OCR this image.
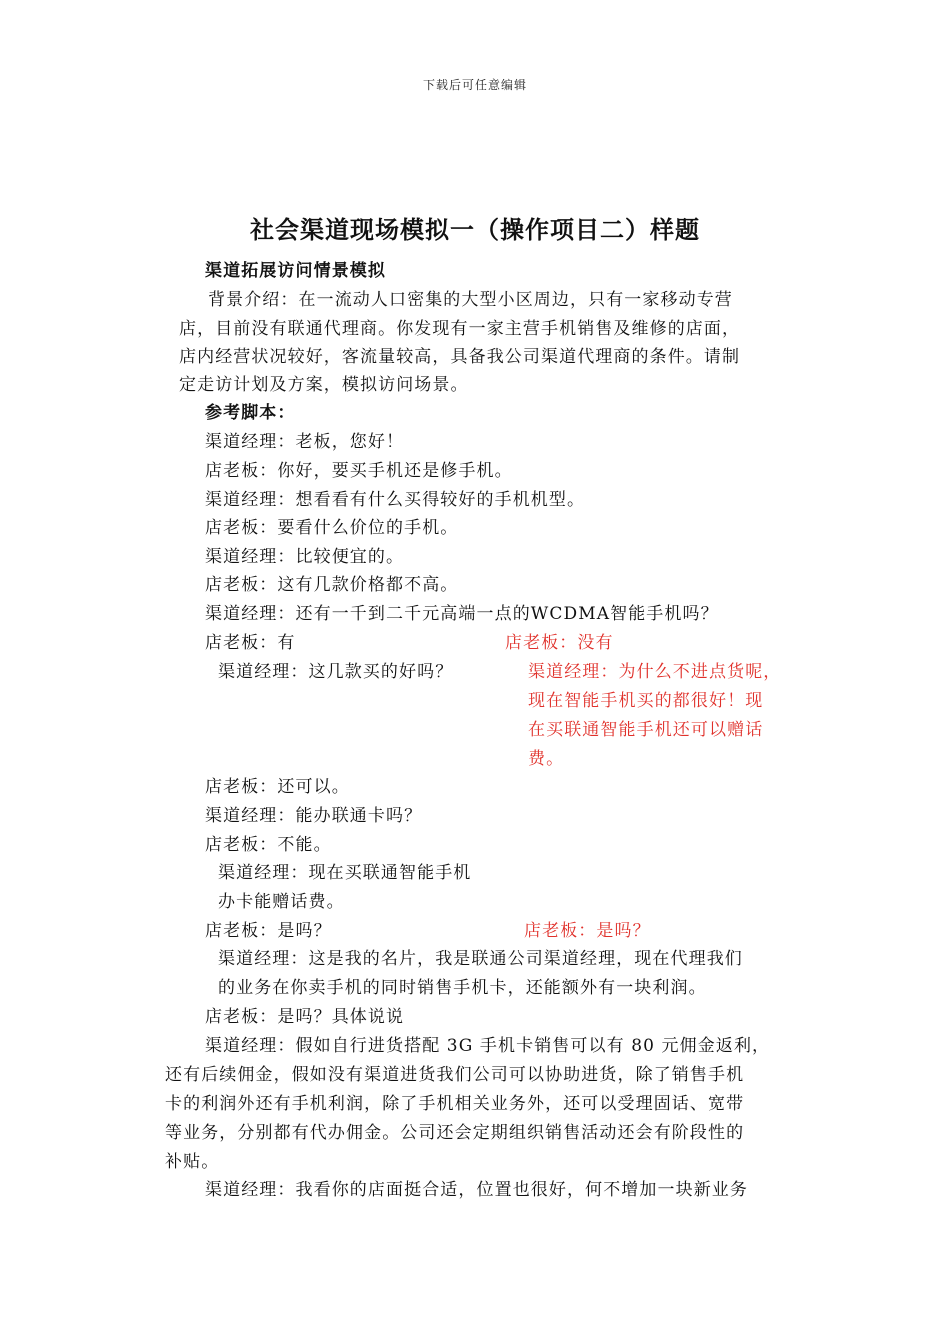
下载后可任意编辑
社会渠道现场模拟一（操作项目二）样题
渠道拓展访问情景模拟
背景介绍：在一流动人口密集的大型小区周边，只有一家移动专营
店，目前没有联通代理商。你发现有一家主营手机销售及维修的店面，
店内经营状况较好，客流量较高，具备我公司渠道代理商的条件。请制
定走访计划及方案，模拟访问场景。
参考脚本：
渠道经理：老板，您好！
店老板：你好，要买手机还是修手机。
渠道经理：想看看有什么买得较好的手机机型。
店老板：要看什么价位的手机。
渠道经理：比较便宜的。
店老板：这有几款价格都不高。
渠道经理：还有一千到二千元高端一点的WCDMA智能手机吗？
店老板：有
渠道经理：这几款买的好吗？
店老板：没有
渠道经理：为什么不进点货呢，
现在智能手机买的都很好！现
在买联通智能手机还可以赠话
费。
店老板：还可以。
渠道经理：能办联通卡吗？
店老板：不能。
渠道经理：现在买联通智能手机
办卡能赠话费。
店老板：是吗？	店老板：是吗？
渠道经理：这是我的名片，我是联通公司渠道经理，现在代理我们
的业务在你卖手机的同时销售手机卡，还能额外有一块利润。
店老板：是吗？具体说说
渠道经理：假如自行进货搭配 3G 手机卡销售可以有 80 元佣金返利，
还有后续佣金，假如没有渠道进货我们公司可以协助进货，除了销售手机
卡的利润外还有手机利润，除了手机相关业务外，还可以受理固话、宽带
等业务，分别都有代办佣金。公司还会定期组织销售活动还会有阶段性的
补贴。
渠道经理：我看你的店面挺合适，位置也很好，何不增加一块新业务
